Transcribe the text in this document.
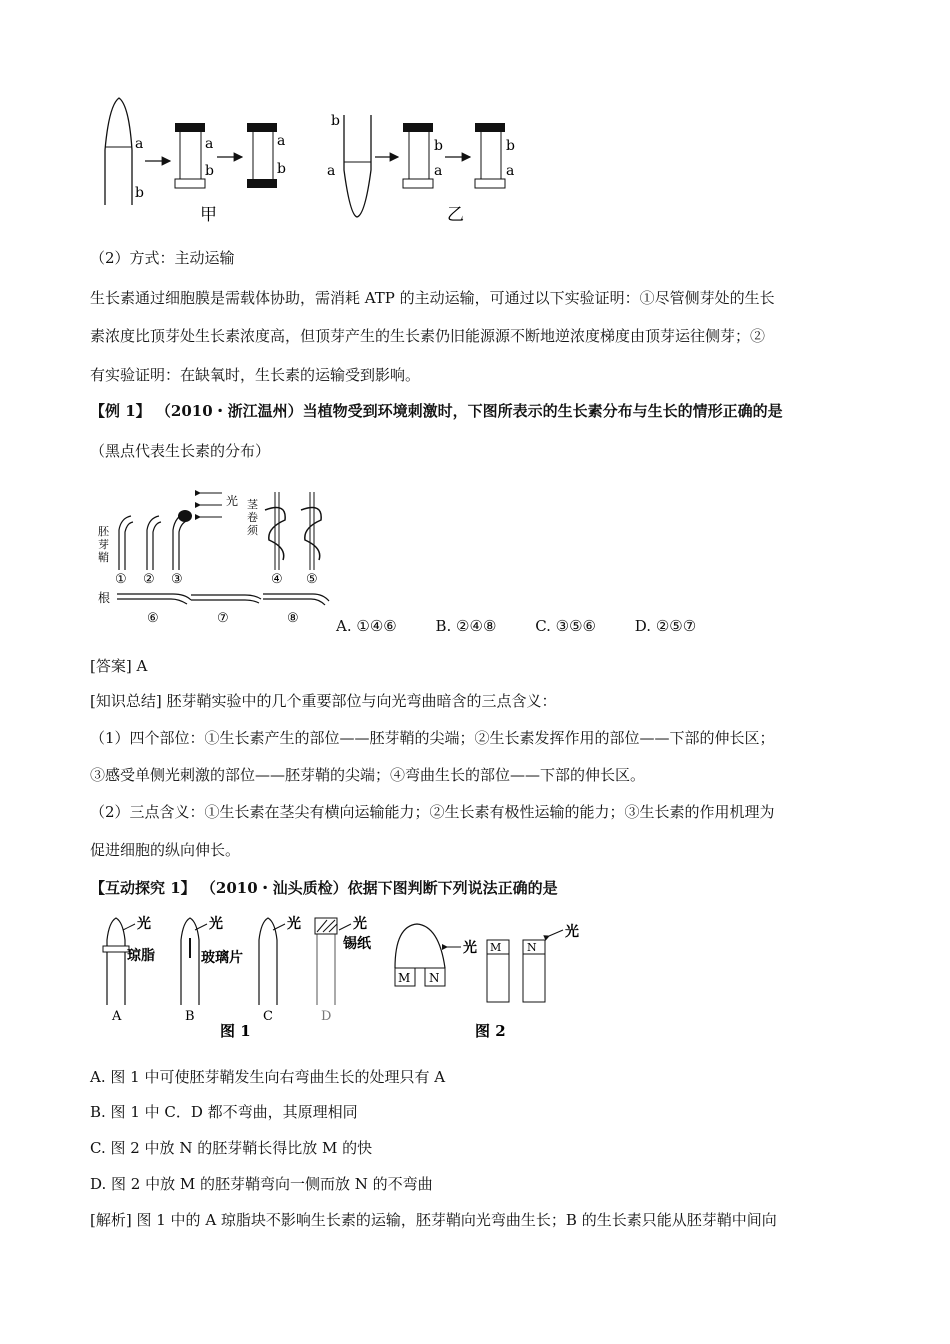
a
b
a
b
a
b
甲
b
a
b
a
b
a
乙
（2）方式：主动运输
生长素通过细胞膜是需载体协助，需消耗 ATP 的主动运输，可通过以下实验证明：①尽管侧芽处的生长
素浓度比顶芽处生长素浓度高，但顶芽产生的生长素仍旧能源源不断地逆浓度梯度由顶芽运往侧芽；②
有实验证明：在缺氧时，生长素的运输受到影响。
【例 1】 （2010・浙江温州）当植物受到环境刺激时，下图所表示的生长素分布与生长的情形正确的是
（黑点代表生长素的分布）
光
胚芽鞘
茎卷须
① ② ③	④ ⑤
根
⑥	⑦	⑧ A. ①④⑥	B. ②④⑧	C. ③⑤⑥	D. ②⑤⑦
[答案] A
[知识总结] 胚芽鞘实验中的几个重要部位与向光弯曲暗含的三点含义：
（1）四个部位：①生长素产生的部位——胚芽鞘的尖端；②生长素发挥作用的部位——下部的伸长区；
③感受单侧光刺激的部位——胚芽鞘的尖端；④弯曲生长的部位——下部的伸长区。
（2）三点含义：①生长素在茎尖有横向运输能力；②生长素有极性运输的能力；③生长素的作用机理为
促进细胞的纵向伸长。
【互动探究 1】 （2010・汕头质检）依据下图判断下列说法正确的是
光
琼脂
A
光
玻璃片
B
光
C
光
锡纸
D
图 1
M N
光 M N
光
图 2
A. 图 1 中可使胚芽鞘发生向右弯曲生长的处理只有 A
B. 图 1 中 C．D 都不弯曲，其原理相同
C. 图 2 中放 N 的胚芽鞘长得比放 M 的快
D. 图 2 中放 M 的胚芽鞘弯向一侧而放 N 的不弯曲
[解析] 图 1 中的 A 琼脂块不影响生长素的运输，胚芽鞘向光弯曲生长；B 的生长素只能从胚芽鞘中间向
